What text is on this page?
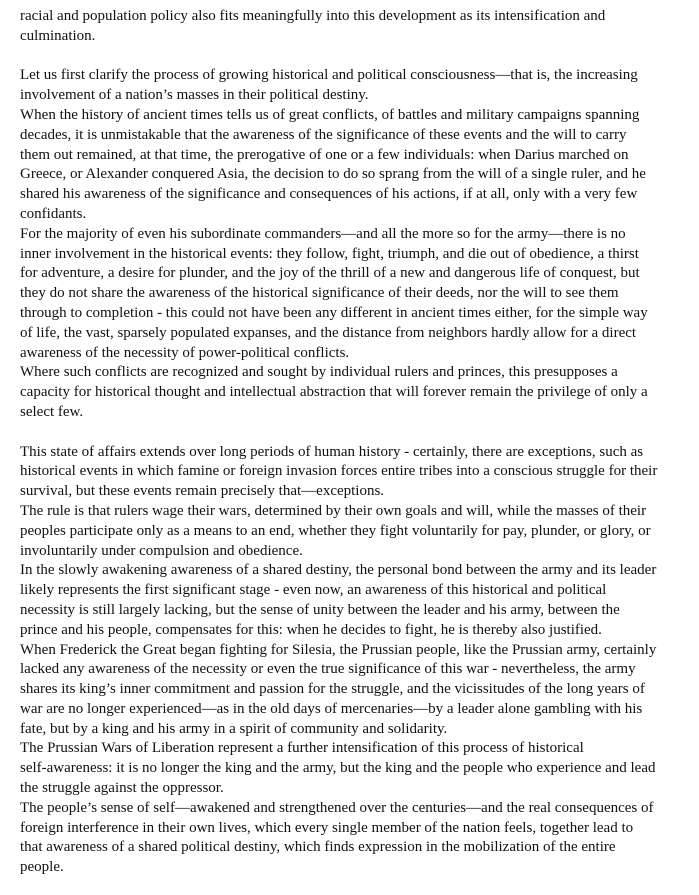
racial and population policy also fits meaningfully into this development as its intensification and
culmination.
Let us first clarify the process of growing historical and political consciousness—that is, the increasing
involvement of a nation’s masses in their political destiny.
When the history of ancient times tells us of great conflicts, of battles and military campaigns spanning
decades, it is unmistakable that the awareness of the significance of these events and the will to carry
them out remained, at that time, the prerogative of one or a few individuals: when Darius marched on
Greece, or Alexander conquered Asia, the decision to do so sprang from the will of a single ruler, and he
shared his awareness of the significance and consequences of his actions, if at all, only with a very few
confidants.
For the majority of even his subordinate commanders—and all the more so for the army—there is no
inner involvement in the historical events: they follow, fight, triumph, and die out of obedience, a thirst
for adventure, a desire for plunder, and the joy of the thrill of a new and dangerous life of conquest, but
they do not share the awareness of the historical significance of their deeds, nor the will to see them
through to completion - this could not have been any different in ancient times either, for the simple way
of life, the vast, sparsely populated expanses, and the distance from neighbors hardly allow for a direct
awareness of the necessity of power-political conflicts.
Where such conflicts are recognized and sought by individual rulers and princes, this presupposes a
capacity for historical thought and intellectual abstraction that will forever remain the privilege of only a
select few.
This state of affairs extends over long periods of human history - certainly, there are exceptions, such as
historical events in which famine or foreign invasion forces entire tribes into a conscious struggle for their
survival, but these events remain precisely that—exceptions.
The rule is that rulers wage their wars, determined by their own goals and will, while the masses of their
peoples participate only as a means to an end, whether they fight voluntarily for pay, plunder, or glory, or
involuntarily under compulsion and obedience.
In the slowly awakening awareness of a shared destiny, the personal bond between the army and its leader
likely represents the first significant stage - even now, an awareness of this historical and political
necessity is still largely lacking, but the sense of unity between the leader and his army, between the
prince and his people, compensates for this: when he decides to fight, he is thereby also justified.
When Frederick the Great began fighting for Silesia, the Prussian people, like the Prussian army, certainly
lacked any awareness of the necessity or even the true significance of this war - nevertheless, the army
shares its king’s inner commitment and passion for the struggle, and the vicissitudes of the long years of
war are no longer experienced—as in the old days of mercenaries—by a leader alone gambling with his
fate, but by a king and his army in a spirit of community and solidarity.
The Prussian Wars of Liberation represent a further intensification of this process of historical
self-awareness: it is no longer the king and the army, but the king and the people who experience and lead
the struggle against the oppressor.
The people’s sense of self—awakened and strengthened over the centuries—and the real consequences of
foreign interference in their own lives, which every single member of the nation feels, together lead to
that awareness of a shared political destiny, which finds expression in the mobilization of the entire
people.
